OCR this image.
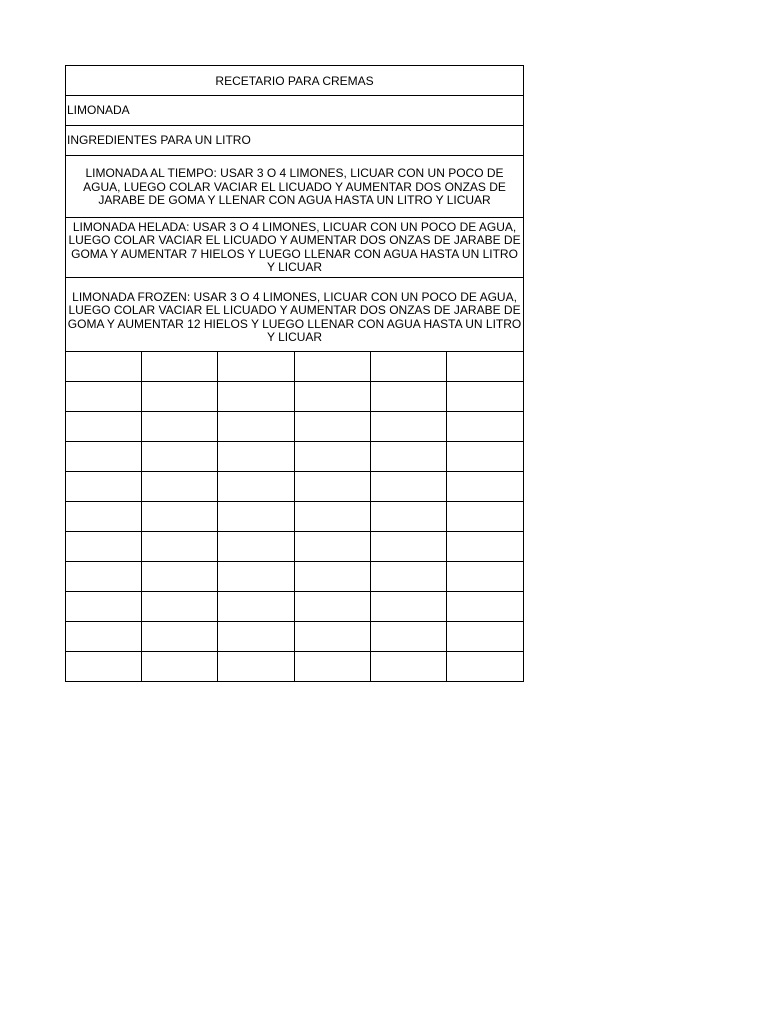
RECETARIO PARA CREMAS					
LIMONADA					
INGREDIENTES PARA UN LITRO					
LIMONADA AL TIEMPO: USAR 3 O 4 LIMONES, LICUAR CON UN POCO DE AGUA, LUEGO COLAR VACIAR EL LICUADO Y AUMENTAR DOS ONZAS DE JARABE DE GOMA Y LLENAR CON AGUA HASTA UN LITRO Y LICUAR					
LIMONADA HELADA: USAR 3 O 4 LIMONES, LICUAR CON UN POCO DE AGUA, LUEGO COLAR VACIAR EL LICUADO Y AUMENTAR DOS ONZAS DE JARABE DE GOMA Y AUMENTAR 7 HIELOS Y LUEGO LLENAR CON AGUA HASTA UN LITRO Y LICUAR					
LIMONADA FROZEN: USAR 3 O 4 LIMONES, LICUAR CON UN POCO DE AGUA, LUEGO COLAR VACIAR EL LICUADO Y AUMENTAR DOS ONZAS DE JARABE DE GOMA Y AUMENTAR 12 HIELOS Y LUEGO LLENAR CON AGUA HASTA UN LITRO Y LICUAR					
